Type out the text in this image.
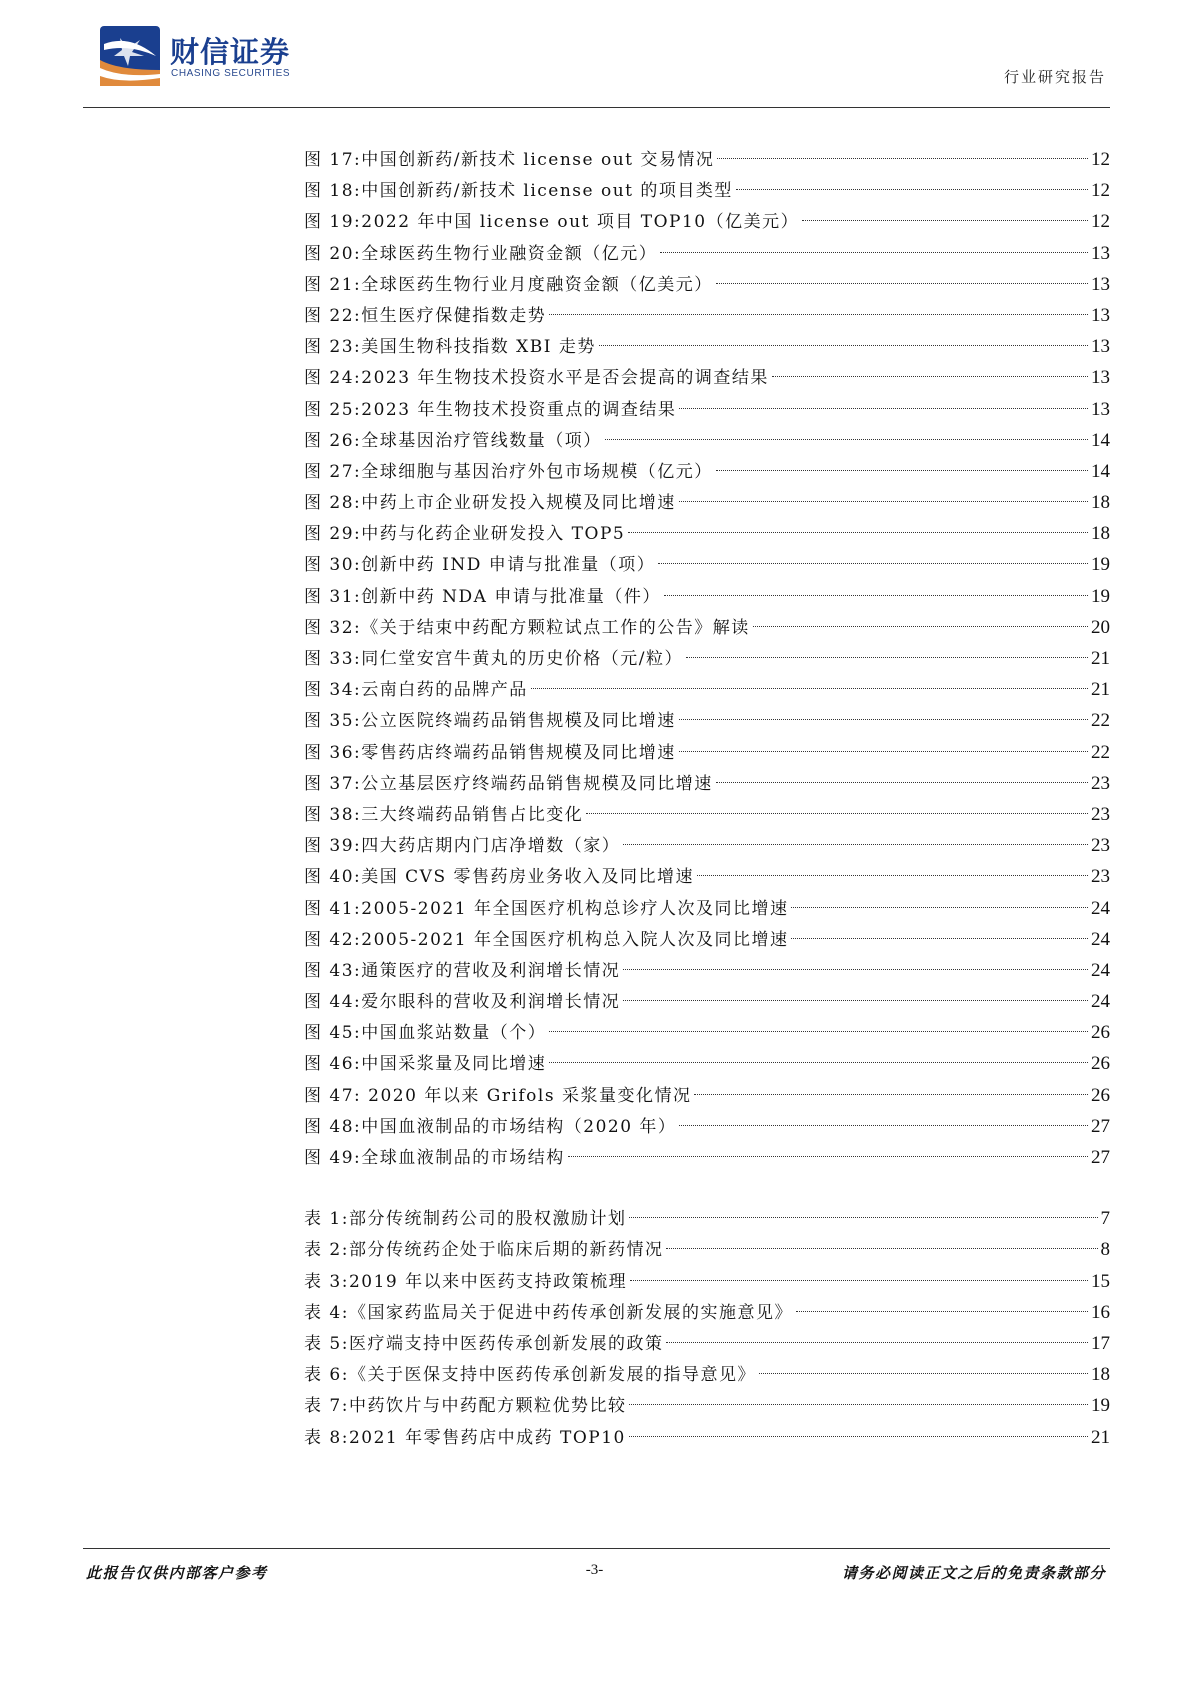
财信证券
CHASING SECURITIES	行业研究报告
图 17: 中国创新药/新技术 license out 交易情况	12
图 18: 中国创新药/新技术 license out 的项目类型	12
图 19: 2022 年中国 license out 项目 TOP10（亿美元）	12
图 20: 全球医药生物行业融资金额（亿元）	13
图 21: 全球医药生物行业月度融资金额（亿美元）	13
图 22: 恒生医疗保健指数走势	13
图 23: 美国生物科技指数 XBI 走势	13
图 24: 2023 年生物技术投资水平是否会提高的调查结果	13
图 25: 2023 年生物技术投资重点的调查结果	13
图 26: 全球基因治疗管线数量（项）	14
图 27: 全球细胞与基因治疗外包市场规模（亿元）	14
图 28: 中药上市企业研发投入规模及同比增速	18
图 29: 中药与化药企业研发投入 TOP5	18
图 30: 创新中药 IND 申请与批准量（项）	19
图 31: 创新中药 NDA 申请与批准量（件）	19
图 32: 《关于结束中药配方颗粒试点工作的公告》解读	20
图 33: 同仁堂安宫牛黄丸的历史价格（元/粒）	21
图 34: 云南白药的品牌产品	21
图 35: 公立医院终端药品销售规模及同比增速	22
图 36: 零售药店终端药品销售规模及同比增速	22
图 37: 公立基层医疗终端药品销售规模及同比增速	23
图 38: 三大终端药品销售占比变化	23
图 39: 四大药店期内门店净增数（家）	23
图 40: 美国 CVS 零售药房业务收入及同比增速	23
图 41: 2005-2021 年全国医疗机构总诊疗人次及同比增速	24
图 42: 2005-2021 年全国医疗机构总入院人次及同比增速	24
图 43: 通策医疗的营收及利润增长情况	24
图 44: 爱尔眼科的营收及利润增长情况	24
图 45: 中国血浆站数量（个）	26
图 46: 中国采浆量及同比增速	26
图 47: 2020 年以来 Grifols 采浆量变化情况	26
图 48: 中国血液制品的市场结构（2020 年）	27
图 49: 全球血液制品的市场结构	27
表 1: 部分传统制药公司的股权激励计划	7
表 2: 部分传统药企处于临床后期的新药情况	8
表 3: 2019 年以来中医药支持政策梳理	15
表 4: 《国家药监局关于促进中药传承创新发展的实施意见》	16
表 5: 医疗端支持中医药传承创新发展的政策	17
表 6: 《关于医保支持中医药传承创新发展的指导意见》	18
表 7: 中药饮片与中药配方颗粒优势比较	19
表 8: 2021 年零售药店中成药 TOP10	21
此报告仅供内部客户参考	-3-	请务必阅读正文之后的免责条款部分
